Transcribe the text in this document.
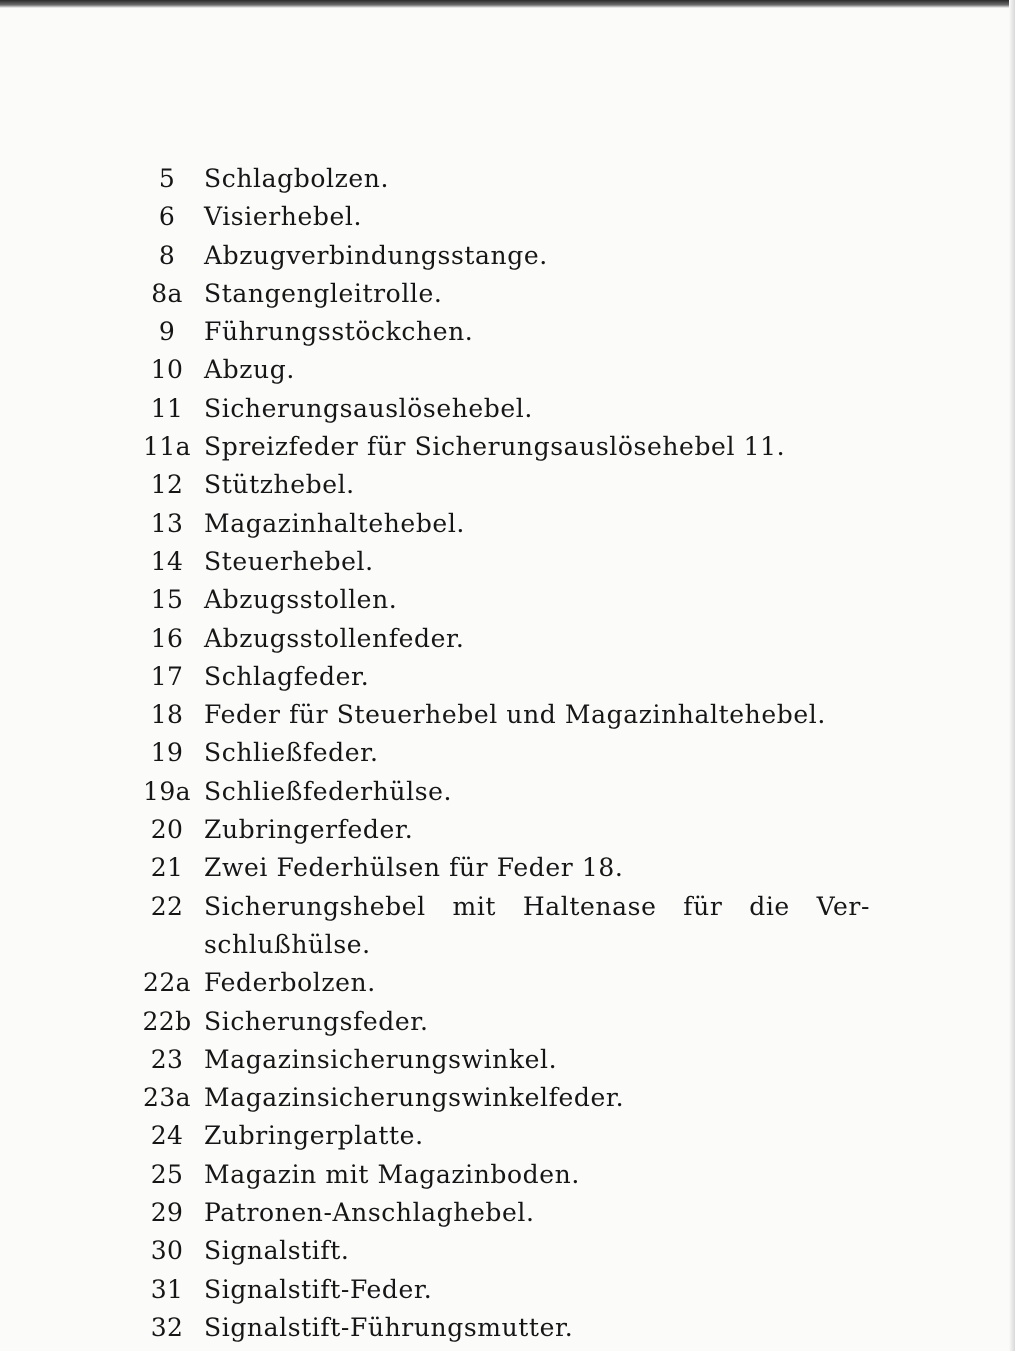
5	Schlagbolzen.
6	Visierhebel.
8	Abzugverbindungsstange.
8a Stangengleitrolle.
9	Führungsstöckchen.
10 Abzug.
11 Sicherungsauslösehebel.
11a Spreizfeder für Sicherungsauslösehebel 11.
12 Stützhebel.
13 Magazinhaltehebel.
14 Steuerhebel.
15 Abzugsstollen.
16 Abzugsstollenfeder.
17 Schlagfeder.
18 Feder für Steuerhebel und Magazinhaltehebel.
19 Schließfeder.
19a Schließfederhülse.
20 Zubringerfeder.
21 Zwei Federhülsen für Feder 18.
22 Sicherungshebel mit Haltenase für die Ver-
schlußhülse.
22a Federbolzen.
22b Sicherungsfeder.
23 Magazinsicherungswinkel.
23a Magazinsicherungswinkelfeder.
24 Zubringerplatte.
25 Magazin mit Magazinboden.
29 Patronen-Anschlaghebel.
30 Signalstift.
31 Signalstift-Feder.
32 Signalstift-Führungsmutter.
